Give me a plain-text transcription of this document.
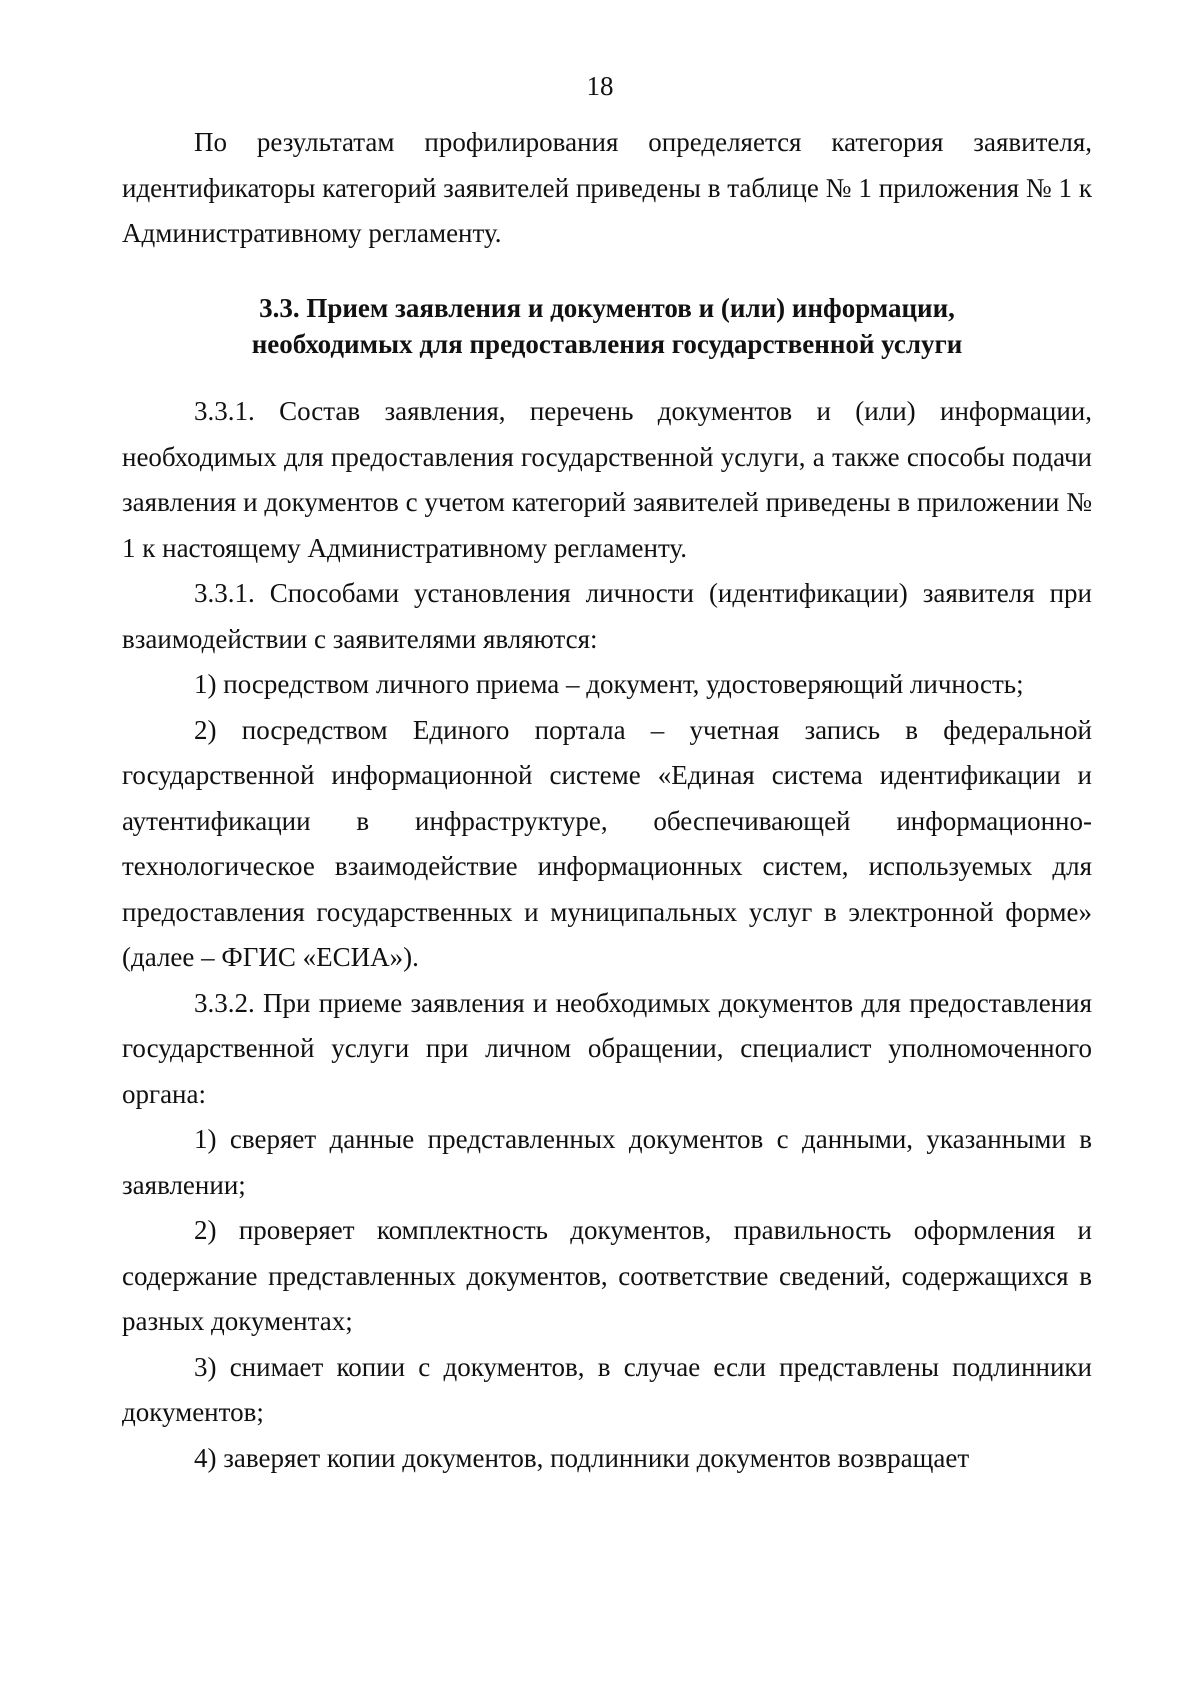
18

По результатам профилирования определяется категория заявителя, идентификаторы категорий заявителей приведены в таблице № 1 приложения № 1 к Административному регламенту.

3.3. Прием заявления и документов и (или) информации,
необходимых для предоставления государственной услуги

3.3.1. Состав заявления, перечень документов и (или) информации, необходимых для предоставления государственной услуги, а также способы подачи заявления и документов с учетом категорий заявителей приведены в приложении № 1 к настоящему Административному регламенту.

3.3.1. Способами установления личности (идентификации) заявителя при взаимодействии с заявителями являются:

1) посредством личного приема – документ, удостоверяющий личность;

2) посредством Единого портала – учетная запись в федеральной государственной информационной системе «Единая система идентификации и аутентификации в инфраструктуре, обеспечивающей информационно-технологическое взаимодействие информационных систем, используемых для предоставления государственных и муниципальных услуг в электронной форме» (далее – ФГИС «ЕСИА»).

3.3.2. При приеме заявления и необходимых документов для предоставления государственной услуги при личном обращении, специалист уполномоченного органа:

1) сверяет данные представленных документов с данными, указанными в заявлении;

2) проверяет комплектность документов, правильность оформления и содержание представленных документов, соответствие сведений, содержащихся в разных документах;

3) снимает копии с документов, в случае если представлены подлинники документов;

4) заверяет копии документов, подлинники документов возвращает
